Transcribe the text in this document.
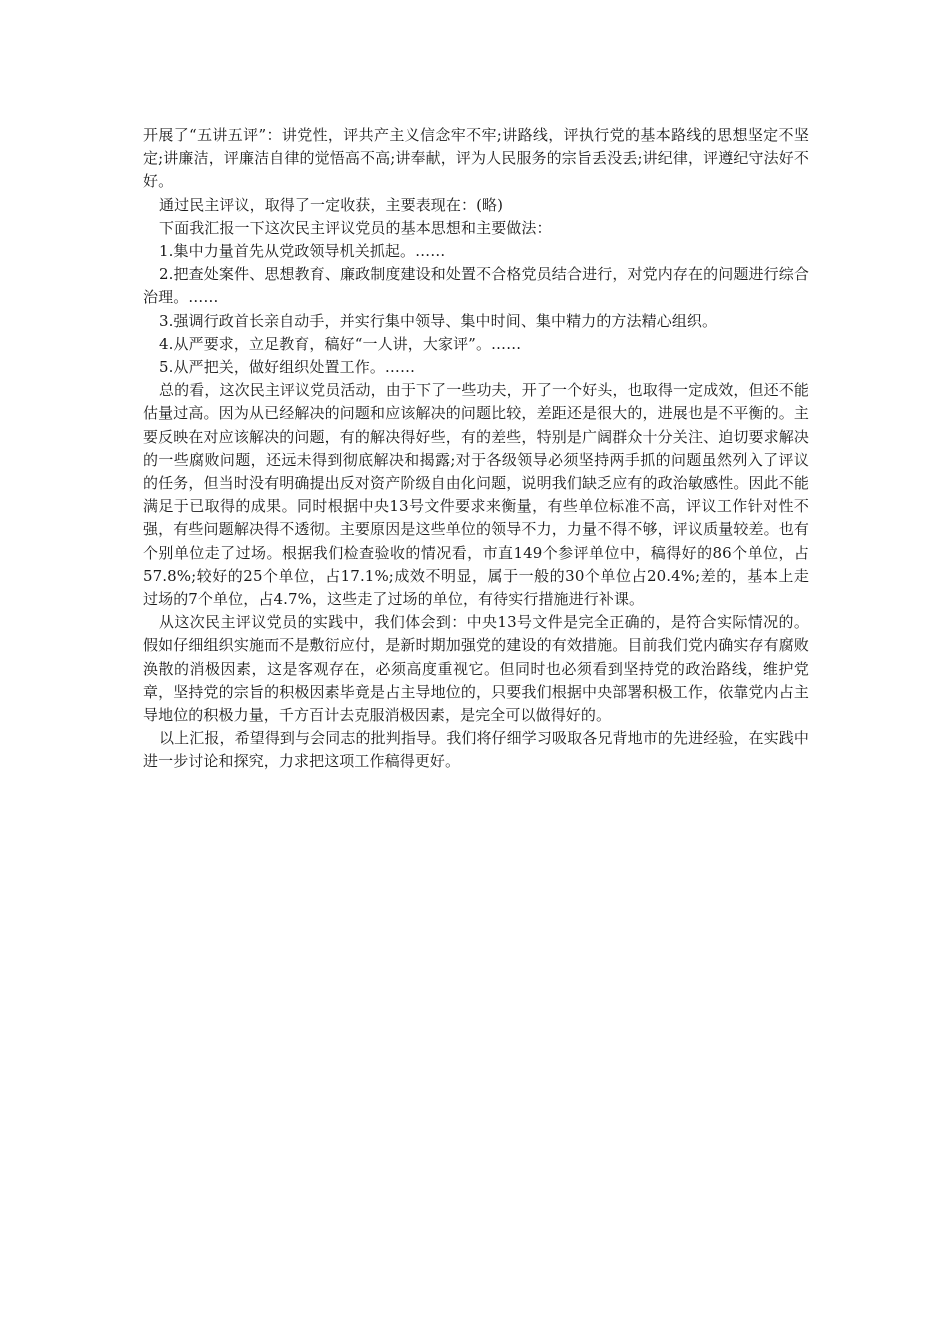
开展了“五讲五评”：讲党性，评共产主义信念牢不牢;讲路线，评执行党的基本路线的思想坚定不坚定;讲廉洁，评廉洁自律的觉悟高不高;讲奉献，评为人民服务的宗旨丢没丢;讲纪律，评遵纪守法好不好。

通过民主评议，取得了一定收获，主要表现在：(略)

下面我汇报一下这次民主评议党员的基本思想和主要做法：

1.集中力量首先从党政领导机关抓起。……

2.把查处案件、思想教育、廉政制度建设和处置不合格党员结合进行，对党内存在的问题进行综合治理。……

3.强调行政首长亲自动手，并实行集中领导、集中时间、集中精力的方法精心组织。

4.从严要求，立足教育，稿好“一人讲，大家评”。……

5.从严把关，做好组织处置工作。……

总的看，这次民主评议党员活动，由于下了一些功夫，开了一个好头，也取得一定成效，但还不能估量过高。因为从已经解决的问题和应该解决的问题比较，差距还是很大的，进展也是不平衡的。主要反映在对应该解决的问题，有的解决得好些，有的差些，特别是广阔群众十分关注、迫切要求解决的一些腐败问题，还远未得到彻底解决和揭露;对于各级领导必须坚持两手抓的问题虽然列入了评议的任务，但当时没有明确提出反对资产阶级自由化问题，说明我们缺乏应有的政治敏感性。因此不能满足于已取得的成果。同时根据中央13号文件要求来衡量，有些单位标准不高，评议工作针对性不强，有些问题解决得不透彻。主要原因是这些单位的领导不力，力量不得不够，评议质量较差。也有个别单位走了过场。根据我们检查验收的情况看，市直149个参评单位中，稿得好的86个单位，占57.8%;较好的25个单位，占17.1%;成效不明显，属于一般的30个单位占20.4%;差的，基本上走过场的7个单位，占4.7%，这些走了过场的单位，有待实行措施进行补课。

从这次民主评议党员的实践中，我们体会到：中央13号文件是完全正确的，是符合实际情况的。假如仔细组织实施而不是敷衍应付，是新时期加强党的建设的有效措施。目前我们党内确实存有腐败涣散的消极因素，这是客观存在，必须高度重视它。但同时也必须看到坚持党的政治路线，维护党章，坚持党的宗旨的积极因素毕竟是占主导地位的，只要我们根据中央部署积极工作，依靠党内占主导地位的积极力量，千方百计去克服消极因素，是完全可以做得好的。

以上汇报，希望得到与会同志的批判指导。我们将仔细学习吸取各兄背地市的先进经验，在实践中进一步讨论和探究，力求把这项工作稿得更好。
